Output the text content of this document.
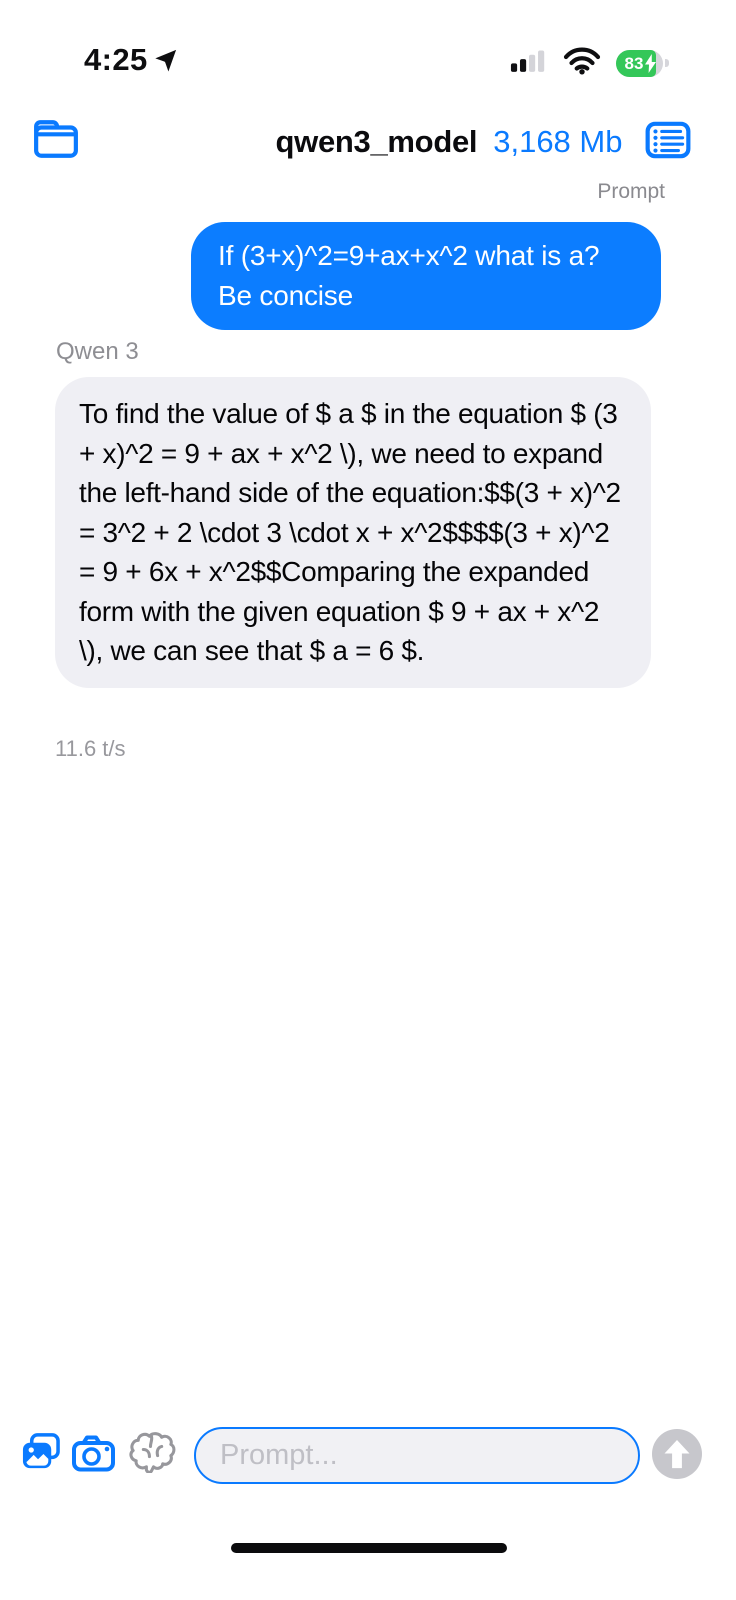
4:25	83
qwen3_model 3,168 Mb
Prompt
If (3+x)^2=9+ax+x^2 what is a? Be concise
Qwen 3
To find the value of $ a $ in the equation $ (3 + x)^2 = 9 + ax + x^2 \), we need to expand the left-hand side of the equation:$$(3 + x)^2 = 3^2 + 2 \cdot 3 \cdot x + x^2$$$$(3 + x)^2 = 9 + 6x + x^2$$Comparing the expanded form with the given equation $ 9 + ax + x^2 \), we can see that $ a = 6 $.
11.6 t/s
Prompt...
